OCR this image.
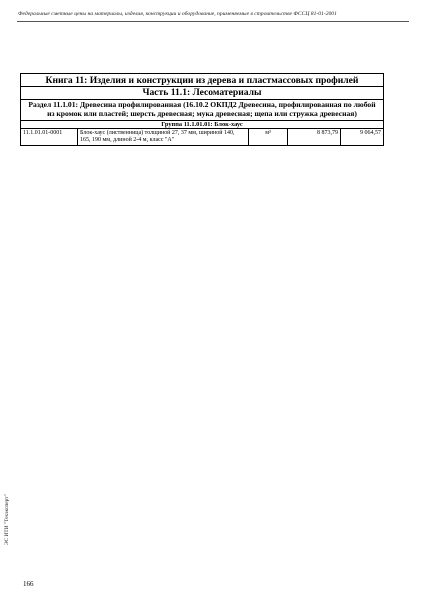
Федеральные сметные цены на материалы, изделия, конструкции и оборудование, применяемые в строительстве ФССЦ 81-01-2001
Книга 11: Изделия и конструкции из дерева и пластмассовых профилей
Часть 11.1: Лесоматериалы
Раздел 11.1.01: Древесина профилированная (16.10.2 ОКПД2 Древесина, профилированная по любой из кромок или пластей; шерсть древесная; мука древесная; щепа или стружка древесная)
Группа 11.1.01.01: Блок-хаус
11.1.01.01-0001	Блок-хаус (лиственница) толщиной 27, 37 мм, шириной 140, 165, 190 мм, длиной 2-4 м, класс "А"	м³	8 873,79	9 064,57
ЭС ИТИ "Техэксперт"
166
